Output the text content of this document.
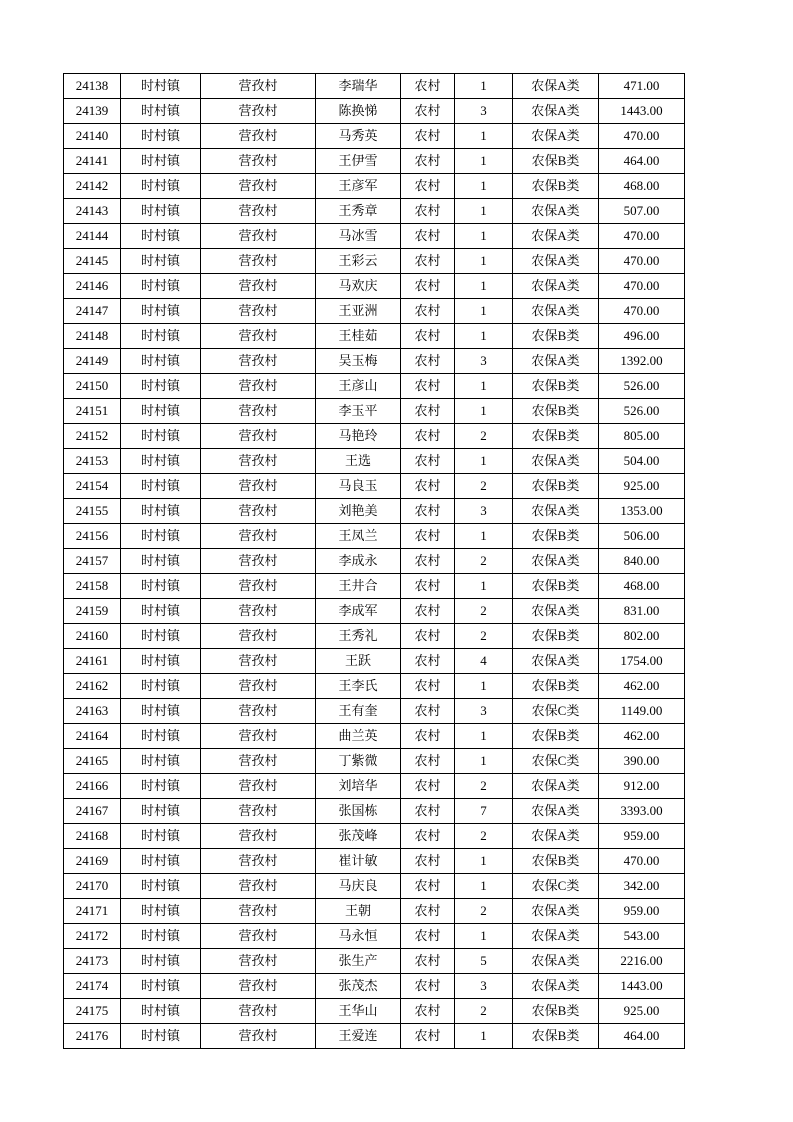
24138	时村镇	营孜村	李瑞华	农村	1	农保A类	471.00
24139	时村镇	营孜村	陈换悌	农村	3	农保A类	1443.00
24140	时村镇	营孜村	马秀英	农村	1	农保A类	470.00
24141	时村镇	营孜村	王伊雪	农村	1	农保B类	464.00
24142	时村镇	营孜村	王彦军	农村	1	农保B类	468.00
24143	时村镇	营孜村	王秀章	农村	1	农保A类	507.00
24144	时村镇	营孜村	马冰雪	农村	1	农保A类	470.00
24145	时村镇	营孜村	王彩云	农村	1	农保A类	470.00
24146	时村镇	营孜村	马欢庆	农村	1	农保A类	470.00
24147	时村镇	营孜村	王亚洲	农村	1	农保A类	470.00
24148	时村镇	营孜村	王桂茹	农村	1	农保B类	496.00
24149	时村镇	营孜村	吴玉梅	农村	3	农保A类	1392.00
24150	时村镇	营孜村	王彦山	农村	1	农保B类	526.00
24151	时村镇	营孜村	李玉平	农村	1	农保B类	526.00
24152	时村镇	营孜村	马艳玲	农村	2	农保B类	805.00
24153	时村镇	营孜村	王选	农村	1	农保A类	504.00
24154	时村镇	营孜村	马良玉	农村	2	农保B类	925.00
24155	时村镇	营孜村	刘艳美	农村	3	农保A类	1353.00
24156	时村镇	营孜村	王凤兰	农村	1	农保B类	506.00
24157	时村镇	营孜村	李成永	农村	2	农保A类	840.00
24158	时村镇	营孜村	王井合	农村	1	农保B类	468.00
24159	时村镇	营孜村	李成军	农村	2	农保A类	831.00
24160	时村镇	营孜村	王秀礼	农村	2	农保B类	802.00
24161	时村镇	营孜村	王跃	农村	4	农保A类	1754.00
24162	时村镇	营孜村	王李氏	农村	1	农保B类	462.00
24163	时村镇	营孜村	王有奎	农村	3	农保C类	1149.00
24164	时村镇	营孜村	曲兰英	农村	1	农保B类	462.00
24165	时村镇	营孜村	丁紫微	农村	1	农保C类	390.00
24166	时村镇	营孜村	刘培华	农村	2	农保A类	912.00
24167	时村镇	营孜村	张国栋	农村	7	农保A类	3393.00
24168	时村镇	营孜村	张茂峰	农村	2	农保A类	959.00
24169	时村镇	营孜村	崔计敏	农村	1	农保B类	470.00
24170	时村镇	营孜村	马庆良	农村	1	农保C类	342.00
24171	时村镇	营孜村	王朝	农村	2	农保A类	959.00
24172	时村镇	营孜村	马永恒	农村	1	农保A类	543.00
24173	时村镇	营孜村	张生产	农村	5	农保A类	2216.00
24174	时村镇	营孜村	张茂杰	农村	3	农保A类	1443.00
24175	时村镇	营孜村	王华山	农村	2	农保B类	925.00
24176	时村镇	营孜村	王爱连	农村	1	农保B类	464.00
